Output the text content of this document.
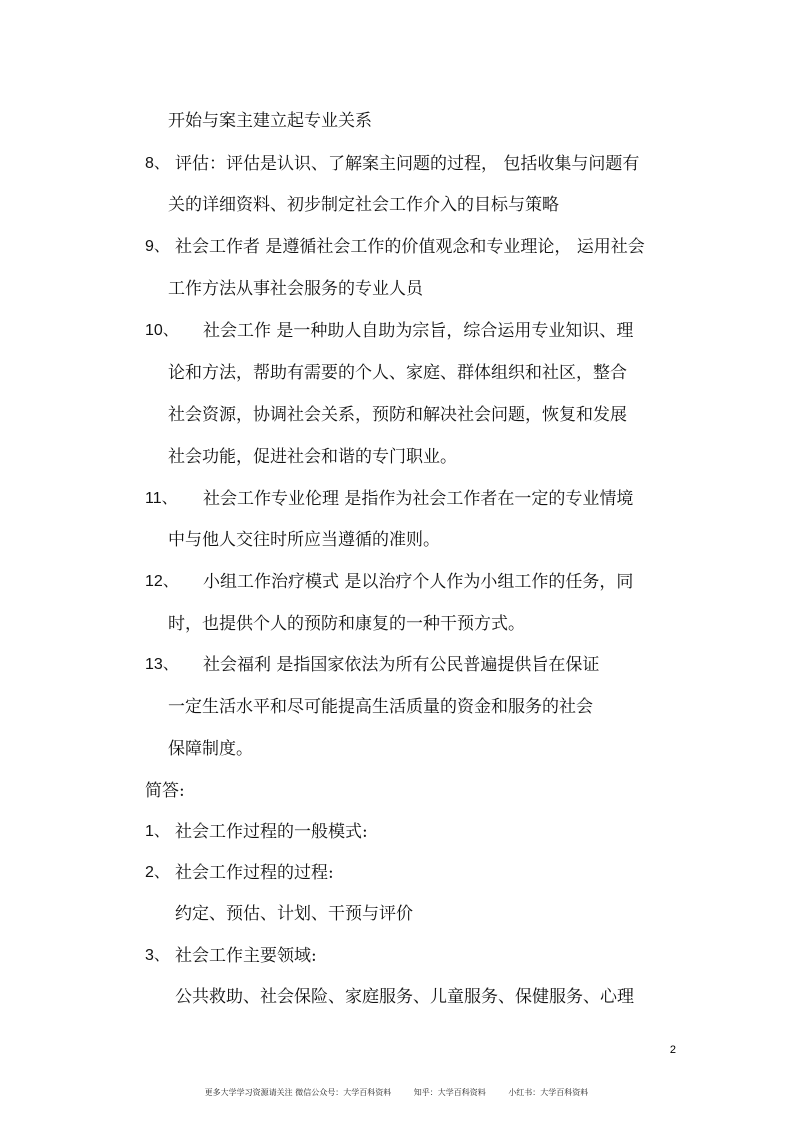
开始与案主建立起专业关系
8、 评估：评估是认识、了解案主问题的过程， 包括收集与问题有
关的详细资料、初步制定社会工作介入的目标与策略
9、 社会工作者 是遵循社会工作的价值观念和专业理论， 运用社会
工作方法从事社会服务的专业人员
10、 社会工作 是一种助人自助为宗旨，综合运用专业知识、理
论和方法，帮助有需要的个人、家庭、群体组织和社区，整合
社会资源，协调社会关系，预防和解决社会问题，恢复和发展
社会功能，促进社会和谐的专门职业。
11、 社会工作专业伦理 是指作为社会工作者在一定的专业情境
中与他人交往时所应当遵循的准则。
12、 小组工作治疗模式 是以治疗个人作为小组工作的任务，同
时，也提供个人的预防和康复的一种干预方式。
13、 社会福利 是指国家依法为所有公民普遍提供旨在保证
一定生活水平和尽可能提高生活质量的资金和服务的社会
保障制度。
简答:
1、 社会工作过程的一般模式:
2、 社会工作过程的过程:
约定、预估、计划、干预与评价
3、 社会工作主要领域:
公共救助、社会保险、家庭服务、儿童服务、保健服务、心理
2
更多大学学习资源请关注 微信公众号：大学百科资料	知乎：大学百科资料	小红书：大学百科资料
